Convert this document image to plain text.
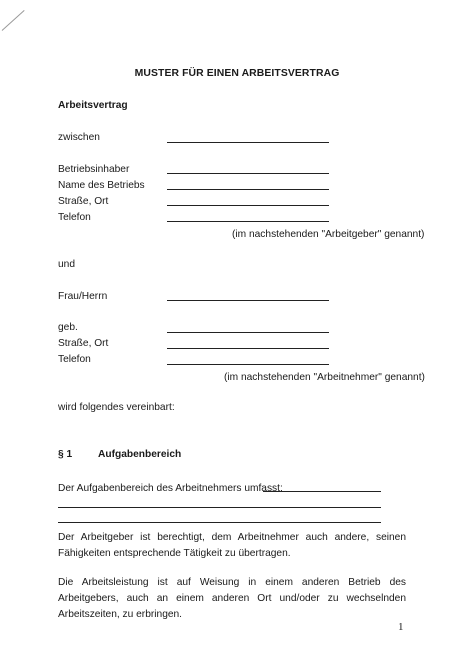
MUSTER FÜR EINEN ARBEITSVERTRAG
Arbeitsvertrag
zwischen
Betriebsinhaber
Name des Betriebs
Straße, Ort
Telefon
(im nachstehenden "Arbeitgeber" genannt)
und
Frau/Herrn
geb.
Straße, Ort
Telefon
(im nachstehenden "Arbeitnehmer" genannt)
wird folgendes vereinbart:
§ 1	Aufgabenbereich
Der Aufgabenbereich des Arbeitnehmers umfasst:
Der Arbeitgeber ist berechtigt, dem Arbeitnehmer auch andere, seinen Fähigkeiten entsprechende Tätigkeit zu übertragen.
Die Arbeitsleistung ist auf Weisung in einem anderen Betrieb des Arbeitgebers, auch an einem anderen Ort und/oder zu wechselnden Arbeitszeiten, zu erbringen.
1
